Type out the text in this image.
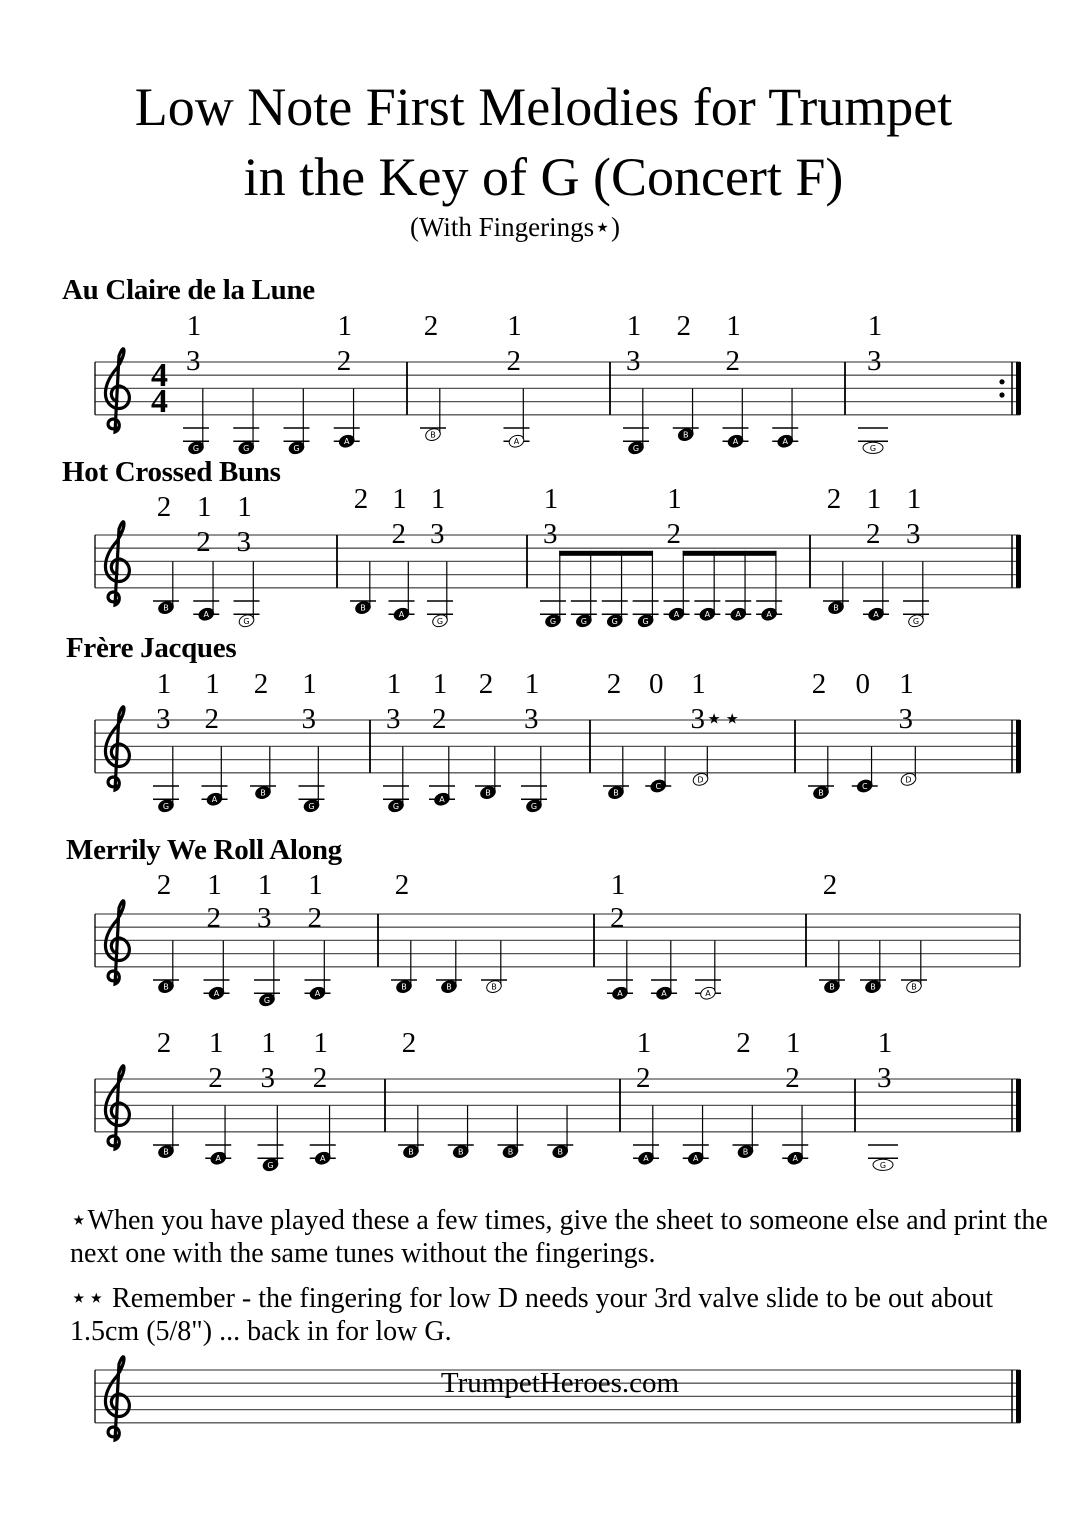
Low Note First Melodies for Trumpet
in the Key of G (Concert F)
(With Fingerings⋆)
Au Claire de la Lune
Hot Crossed Buns
Frère Jacques
Merrily We Roll Along
⋆When you have played these a few times, give the sheet to someone else and print the next one with the same tunes without the fingerings.
⋆⋆ Remember - the fingering for low D needs your 3rd valve slide to be out about 1.5cm (5/8") ... back in for low G.
4 4
G
1
3
G	G
A
1
2
B
2
A
1
2
G
1
3
B
2
A
1
2
A
G
1
3
B
2
A
1
2
G
1
3
B
2
A
1
2
G
1
3
G
1
3
G	G	G
A
1
2
A	A	A
B
2
A
1
2
G
1
3
G
1
3
A
1
2
B
2
G
1
3
G
1
3
A
1
2
B
2
G
1
3
B
2
C
0
D
1
3⋆⋆
B
2
C
0
D
1
3
B
2
A
1
2
G
1
3
A
1
2
B
2
B	B
A
1
2
A	A
B
2
B	B
B
2
A
1
2
G
1
3
A
1
2
B
2
B	B	B
A
1
2
A
B
2
A
1
2
G
1
3
TrumpetHeroes.com
